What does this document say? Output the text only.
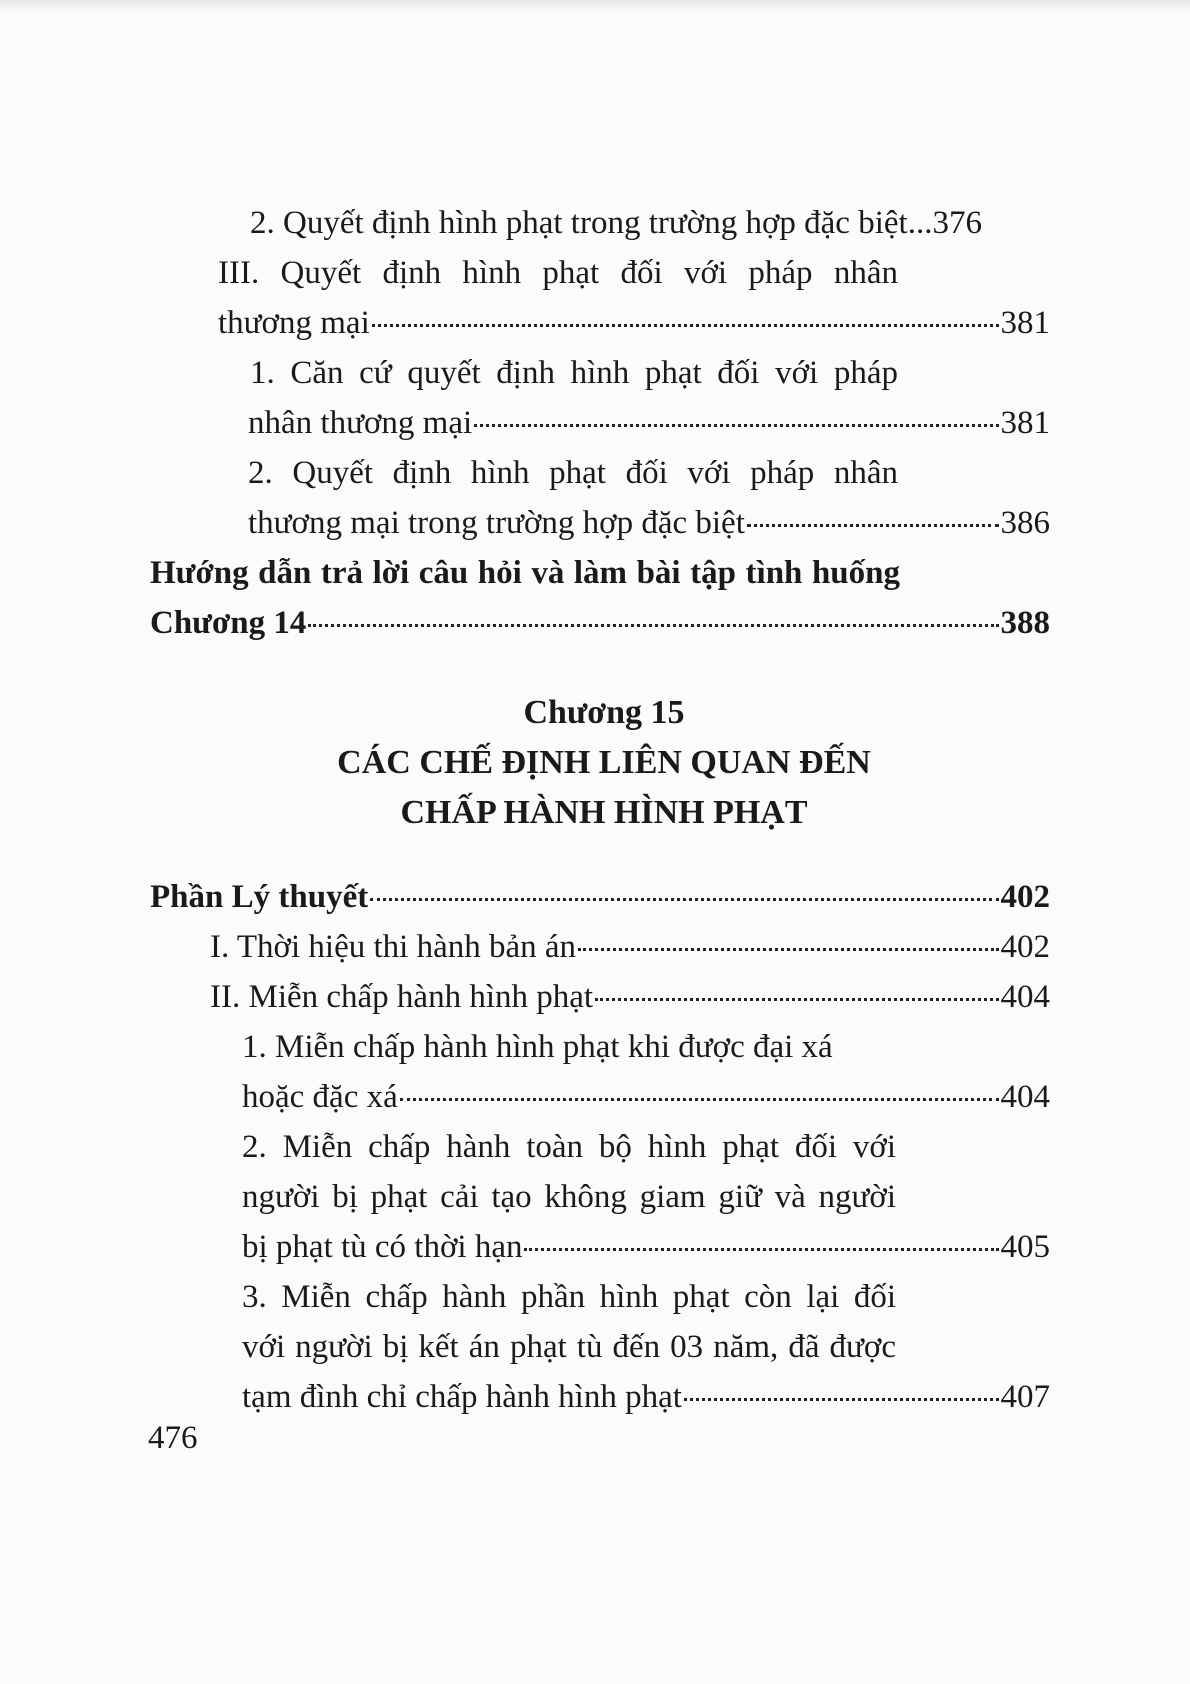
2. Quyết định hình phạt trong trường hợp đặc biệt ...376
III. Quyết định hình phạt đối với pháp nhân
thương mại	381
1. Căn cứ quyết định hình phạt đối với pháp
nhân thương mại	381
2. Quyết định hình phạt đối với pháp nhân
thương mại trong trường hợp đặc biệt	386
Hướng dẫn trả lời câu hỏi và làm bài tập tình huống
Chương 14	388
Chương 15
CÁC CHẾ ĐỊNH LIÊN QUAN ĐẾN
CHẤP HÀNH HÌNH PHẠT
Phần Lý thuyết	402
I. Thời hiệu thi hành bản án	402
II. Miễn chấp hành hình phạt	404
1. Miễn chấp hành hình phạt khi được đại xá
hoặc đặc xá	404
2. Miễn chấp hành toàn bộ hình phạt đối với
người bị phạt cải tạo không giam giữ và người
bị phạt tù có thời hạn	405
3. Miễn chấp hành phần hình phạt còn lại đối
với người bị kết án phạt tù đến 03 năm, đã được
tạm đình chỉ chấp hành hình phạt	407
476
